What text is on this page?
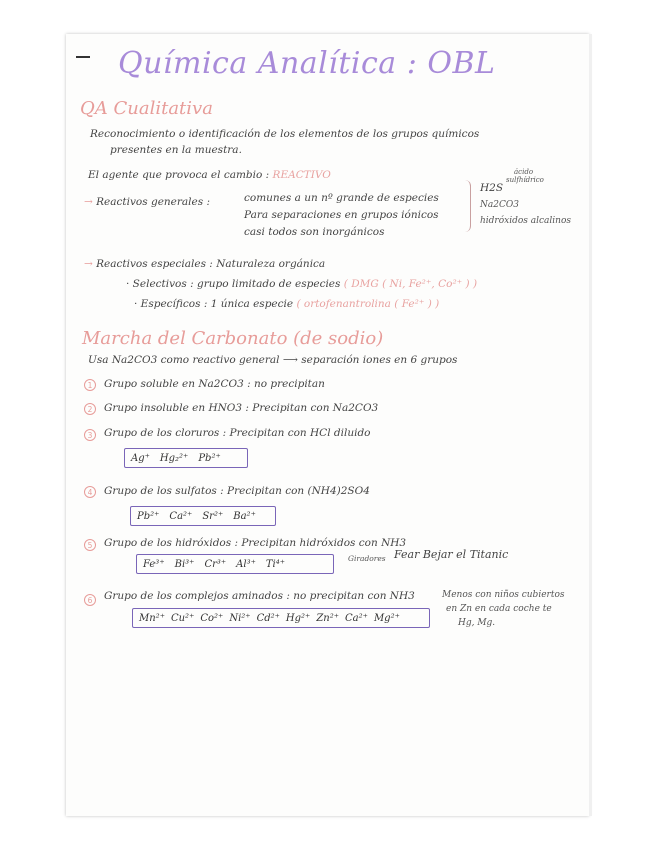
Química Analítica : OBL
QA Cualitativa
Reconocimiento o identificación de los elementos de los grupos químicos
presentes en la muestra.
El agente que provoca el cambio : REACTIVO
→ Reactivos generales :	comunes a un nº grande de especies
Para separaciones en grupos iónicos
casi todos son inorgánicos
ácido
sulfhídrico
H2S
Na2CO3
hidróxidos alcalinos
→ Reactivos especiales : Naturaleza orgánica
· Selectivos : grupo limitado de especies ( DMG ( Ni, Fe²⁺, Co²⁺ ) )
· Específicos : 1 única especie ( ortofenantrolina ( Fe²⁺ ) )
Marcha del Carbonato (de sodio)
Usa Na2CO3 como reactivo general ⟶ separación iones en 6 grupos
1	Grupo soluble en Na2CO3 : no precipitan
2	Grupo insoluble en HNO3 : Precipitan con Na2CO3
3	Grupo de los cloruros : Precipitan con HCl diluido
Ag⁺ Hg₂²⁺ Pb²⁺
4	Grupo de los sulfatos : Precipitan con (NH4)2SO4
Pb²⁺ Ca²⁺ Sr²⁺ Ba²⁺
5	Grupo de los hidróxidos : Precipitan hidróxidos con NH3
Fe³⁺ Bi³⁺ Cr³⁺ Al³⁺ Ti⁴⁺	Giradores Fear Bejar el Titanic
6	Grupo de los complejos aminados : no precipitan con NH3
Mn²⁺ Cu²⁺ Co²⁺ Ni²⁺ Cd²⁺ Hg²⁺ Zn²⁺ Ca²⁺ Mg²⁺
Menos con niños cubiertos
en Zn en cada coche te
Hg, Mg.
